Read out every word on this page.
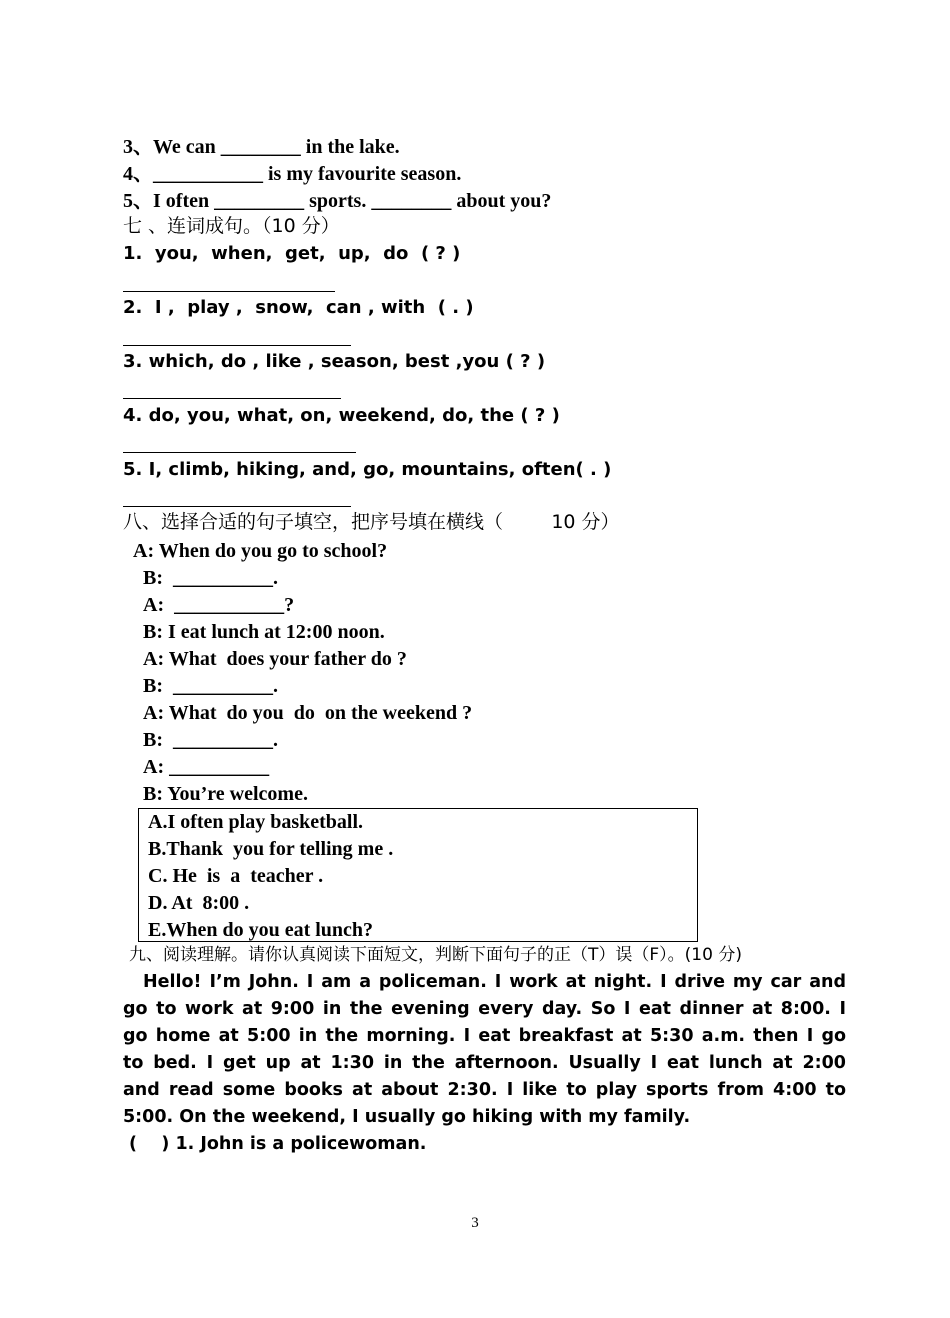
3、We can ________ in the lake.
4、___________ is my favourite season.
5、I often _________ sports. ________ about you?
七 、连词成句。（10 分）
1.  you,  when,  get,  up,  do  ( ? )
2.  I ,  play ,  snow,  can , with  ( . )
3. which, do , like , season, best ,you ( ? )
4. do, you, what, on, weekend, do, the ( ? )
5. I, climb, hiking, and, go, mountains, often( . )
八、选择合适的句子填空，把序号填在横线（        10 分）
A: When do you go to school?
B:  __________.
A:  ___________?
B: I eat lunch at 12:00 noon.
A: What  does your father do ?
B:  __________.
A: What  do you  do  on the weekend ?
B:  __________.
A: __________
B: You’re welcome.
A.I often play basketball.
B.Thank  you for telling me .
C. He  is  a  teacher .
D. At  8:00 .
E.When do you eat lunch?
九、阅读理解。请你认真阅读下面短文，判断下面句子的正（T）误（F）。(10 分)
Hello! I’m John. I am a policeman. I work at night. I drive my car and
go to work at 9:00 in the evening every day. So I eat dinner at 8:00. I
go home at 5:00 in the morning. I eat breakfast at 5:30 a.m. then I go
to bed. I get up at 1:30 in the afternoon. Usually I eat lunch at 2:00
and read some books at about 2:30. I like to play sports from 4:00 to
5:00. On the weekend, I usually go hiking with my family.
(    ) 1. John is a policewoman.
3
